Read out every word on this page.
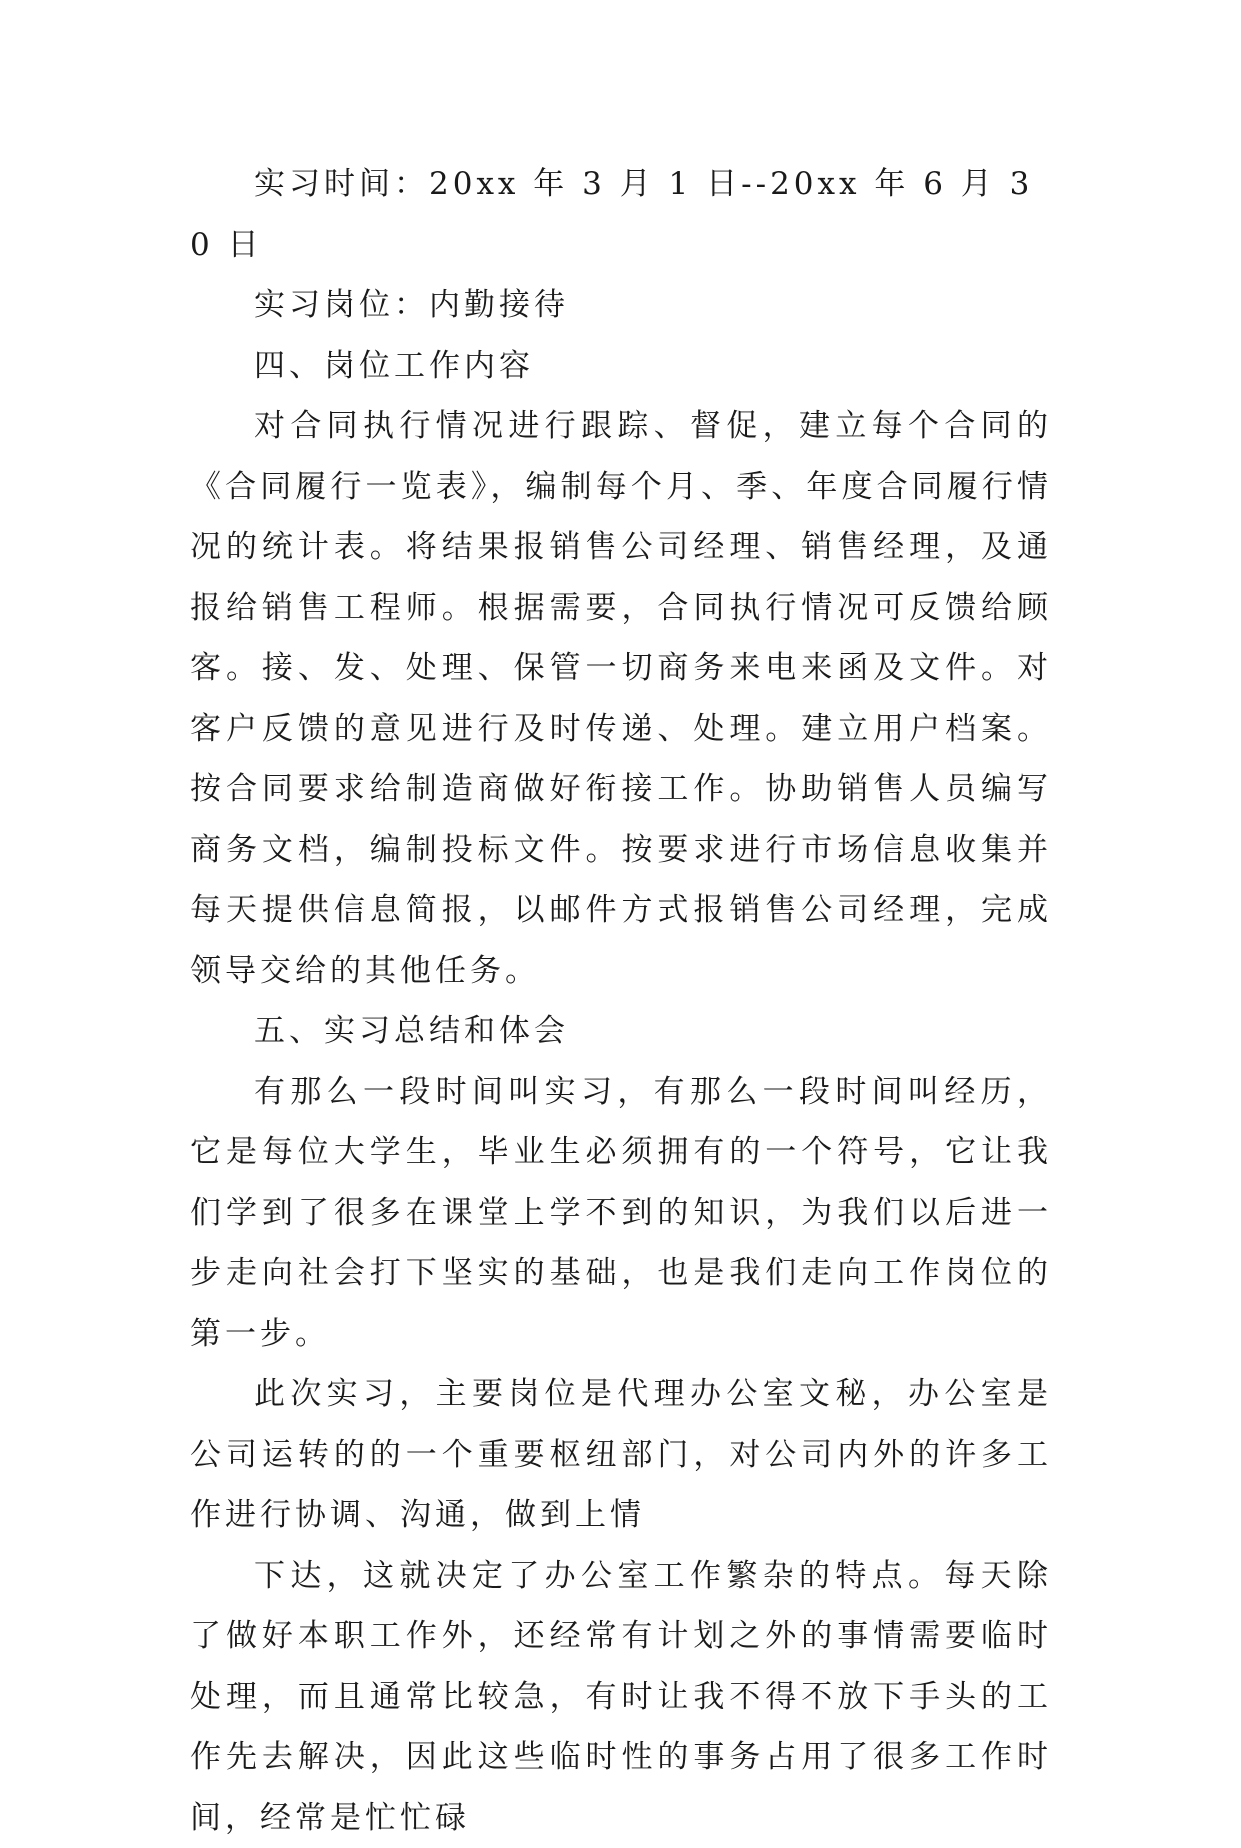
实习时间：20xx 年 3 月 1 日--20xx 年 6 月 30 日

实习岗位：内勤接待

四、岗位工作内容

对合同执行情况进行跟踪、督促，建立每个合同的《合同履行一览表》，编制每个月、季、年度合同履行情况的统计表。将结果报销售公司经理、销售经理，及通报给销售工程师。根据需要，合同执行情况可反馈给顾客。接、发、处理、保管一切商务来电来函及文件。对客户反馈的意见进行及时传递、处理。建立用户档案。按合同要求给制造商做好衔接工作。协助销售人员编写商务文档，编制投标文件。按要求进行市场信息收集并每天提供信息简报，以邮件方式报销售公司经理，完成领导交给的其他任务。

五、实习总结和体会

有那么一段时间叫实习，有那么一段时间叫经历，它是每位大学生，毕业生必须拥有的一个符号，它让我们学到了很多在课堂上学不到的知识，为我们以后进一步走向社会打下坚实的基础，也是我们走向工作岗位的第一步。

此次实习，主要岗位是代理办公室文秘，办公室是公司运转的的一个重要枢纽部门，对公司内外的许多工作进行协调、沟通，做到上情

下达，这就决定了办公室工作繁杂的特点。每天除了做好本职工作外，还经常有计划之外的事情需要临时处理，而且通常比较急，有时让我不得不放下手头的工作先去解决，因此这些临时性的事务占用了很多工作时间，经常是忙忙碌
